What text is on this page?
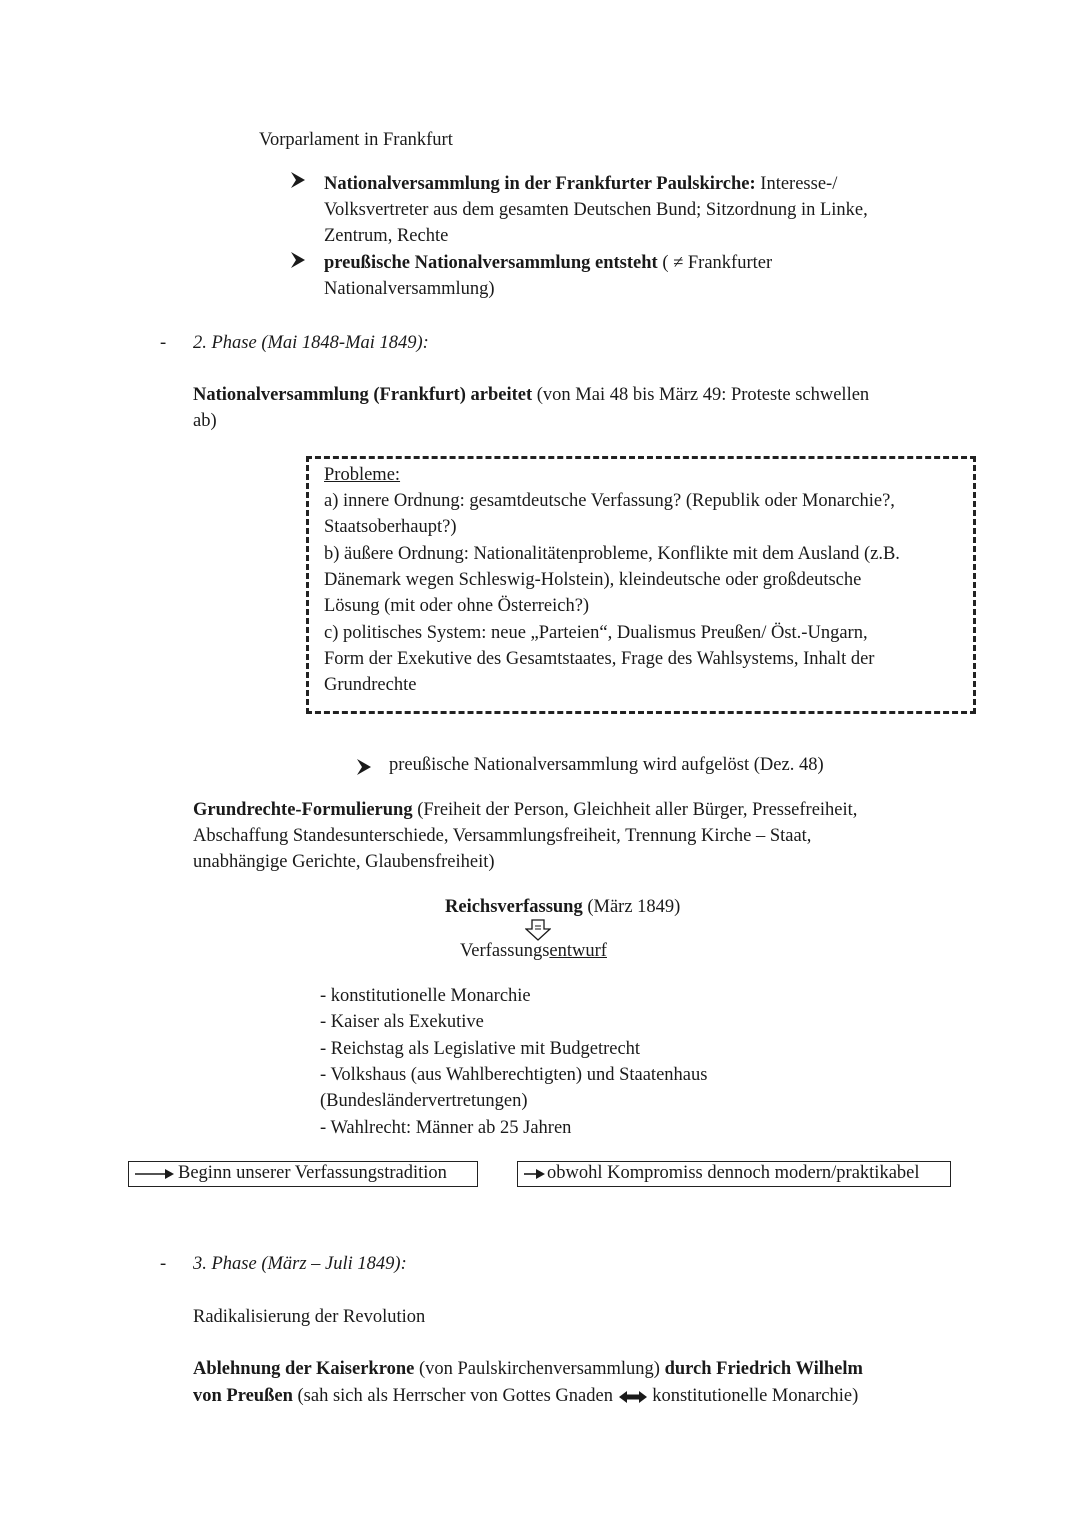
Vorparlament in Frankfurt
Nationalversammlung in der Frankfurter Paulskirche: Interesse-/
Volksvertreter aus dem gesamten Deutschen Bund; Sitzordnung in Linke,
Zentrum, Rechte
preußische Nationalversammlung entsteht ( ≠ Frankfurter
Nationalversammlung)
- 2. Phase (Mai 1848-Mai 1849):
Nationalversammlung (Frankfurt) arbeitet (von Mai 48 bis März 49: Proteste schwellen
ab)
Probleme:
a) innere Ordnung: gesamtdeutsche Verfassung? (Republik oder Monarchie?,
Staatsoberhaupt?)
b) äußere Ordnung: Nationalitätenprobleme, Konflikte mit dem Ausland (z.B.
Dänemark wegen Schleswig-Holstein), kleindeutsche oder großdeutsche
Lösung (mit oder ohne Österreich?)
c) politisches System: neue „Parteien“, Dualismus Preußen/ Öst.-Ungarn,
Form der Exekutive des Gesamtstaates, Frage des Wahlsystems, Inhalt der
Grundrechte
preußische Nationalversammlung wird aufgelöst (Dez. 48)
Grundrechte-Formulierung (Freiheit der Person, Gleichheit aller Bürger, Pressefreiheit,
Abschaffung Standesunterschiede, Versammlungsfreiheit, Trennung Kirche – Staat,
unabhängige Gerichte, Glaubensfreiheit)
Reichsverfassung (März 1849)
Verfassungsentwurf
- konstitutionelle Monarchie
- Kaiser als Exekutive
- Reichstag als Legislative mit Budgetrecht
- Volkshaus (aus Wahlberechtigten) und Staatenhaus
(Bundesländervertretungen)
- Wahlrecht: Männer ab 25 Jahren
Beginn unserer Verfassungstradition	obwohl Kompromiss dennoch modern/praktikabel
- 3. Phase (März – Juli 1849):
Radikalisierung der Revolution
Ablehnung der Kaiserkrone (von Paulskirchenversammlung) durch Friedrich Wilhelm
von Preußen (sah sich als Herrscher von Gottes Gnaden konstitutionelle Monarchie)
